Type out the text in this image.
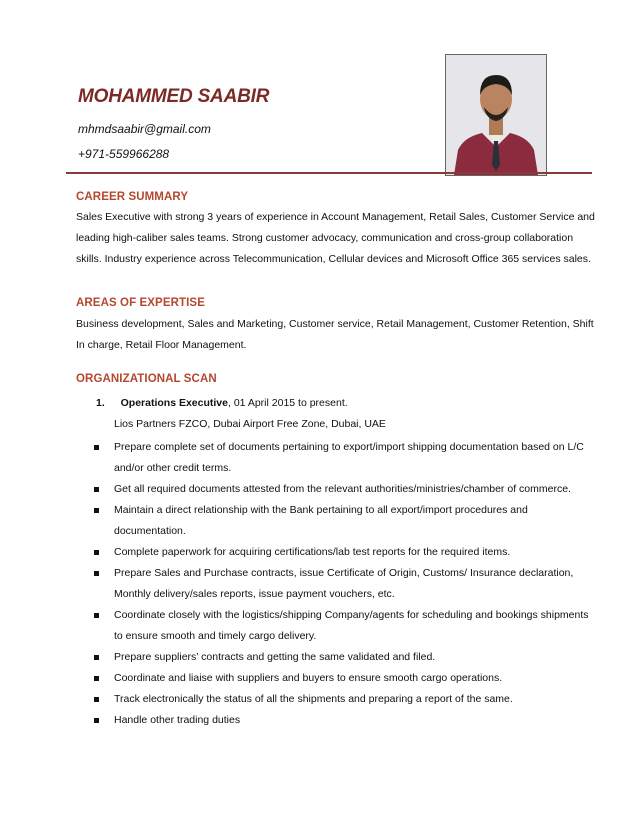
MOHAMMED SAABIR
mhmdsaabir@gmail.com
+971-559966288
CAREER SUMMARY

Sales Executive with strong 3 years of experience in Account Management, Retail Sales, Customer Service and leading high-caliber sales teams. Strong customer advocacy, communication and cross-group collaboration skills. Industry experience across Telecommunication, Cellular devices and Microsoft Office 365 services sales.

AREAS OF EXPERTISE

Business development, Sales and Marketing, Customer service, Retail Management, Customer Retention, Shift In charge, Retail Floor Management.

ORGANIZATIONAL SCAN
1. Operations Executive, 01 April 2015 to present.
Lios Partners FZCO, Dubai Airport Free Zone, Dubai, UAE
Prepare complete set of documents pertaining to export/import shipping documentation based on L/C and/or other credit terms.
Get all required documents attested from the relevant authorities/ministries/chamber of commerce.
Maintain a direct relationship with the Bank pertaining to all export/import procedures and documentation.
Complete paperwork for acquiring certifications/lab test reports for the required items.
Prepare Sales and Purchase contracts, issue Certificate of Origin, Customs/ Insurance declaration, Monthly delivery/sales reports, issue payment vouchers, etc.
Coordinate closely with the logistics/shipping Company/agents for scheduling and bookings shipments to ensure smooth and timely cargo delivery.
Prepare suppliers’ contracts and getting the same validated and filed.
Coordinate and liaise with suppliers and buyers to ensure smooth cargo operations.
Track electronically the status of all the shipments and preparing a report of the same.
Handle other trading duties
